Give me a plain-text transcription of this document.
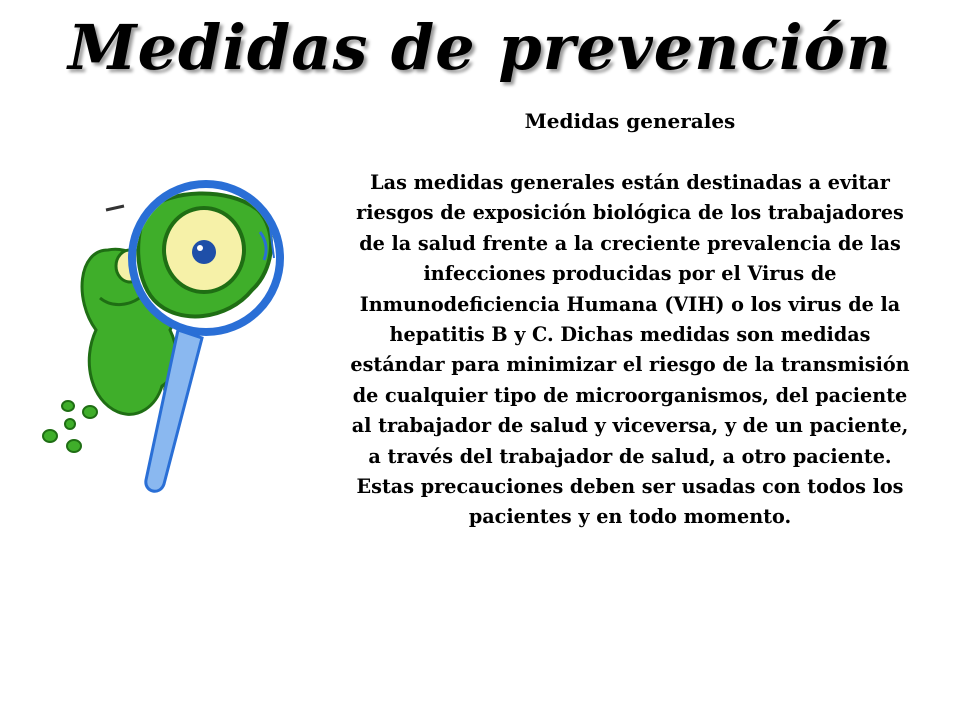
Medidas de prevención
Medidas generales

Las medidas generales están destinadas a evitar riesgos de exposición biológica de los trabajadores de la salud frente a la creciente prevalencia de las infecciones producidas por el Virus de Inmunodeficiencia Humana (VIH) o los virus de la hepatitis B y C. Dichas medidas son medidas estándar para minimizar el riesgo de la transmisión de cualquier tipo de microorganismos, del paciente al trabajador de salud y viceversa, y de un paciente, a través del trabajador de salud, a otro paciente. Estas precauciones deben ser usadas con todos los pacientes y en todo momento.
